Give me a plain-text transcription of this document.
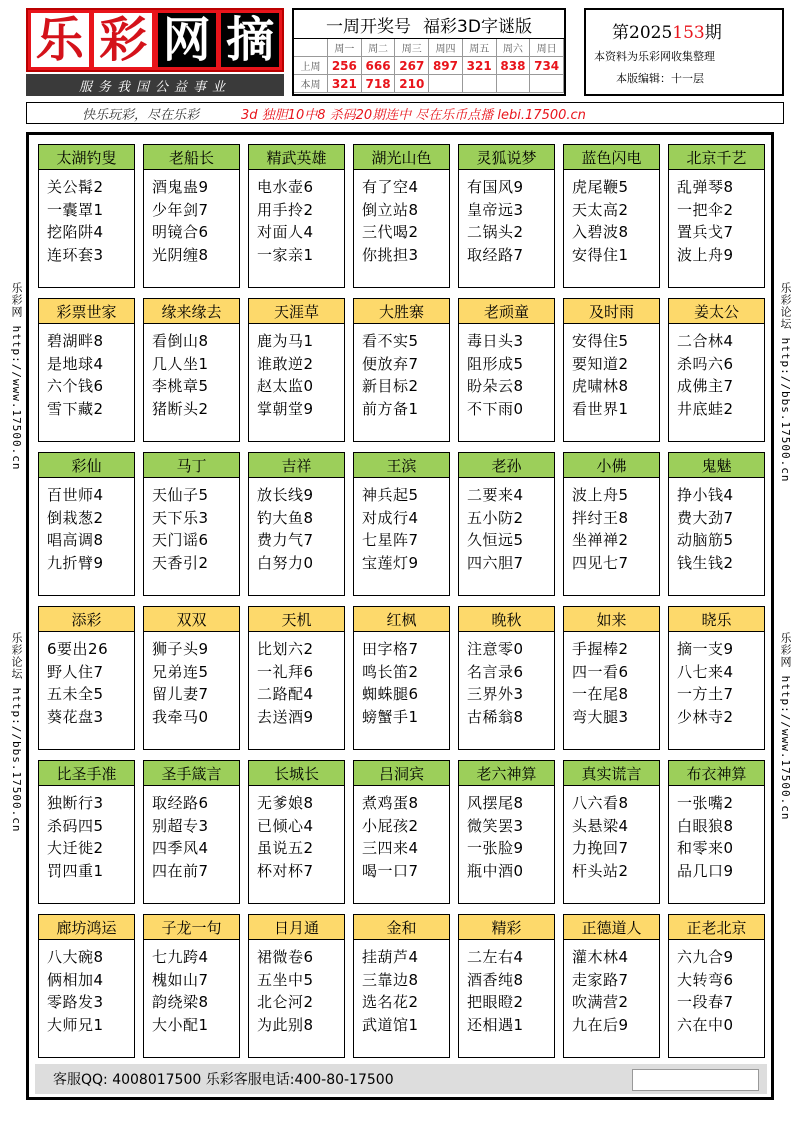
乐 彩 网 摘
服务我国公益事业
一周开奖号 福彩3D字谜版
周一	周二	周三	周四	周五	周六	周日
上周 256 666 267 897 321 838 734
本周 321 718 210
第2025153期
本资料为乐彩网收集整理
本版编辑：十一层
快乐玩彩，尽在乐彩	3d 独胆10中8 杀码20期连中 尽在乐币点播 lebi.17500.cn
乐彩网 http://www.17500.cn
乐彩论坛 http://bbs.17500.cn
乐彩论坛 http://bbs.17500.cn
乐彩网 http://www.17500.cn
太湖钓叟
关公髯2
一囊罩1
挖陷阱4
连环套3
老船长
酒鬼蛊9
少年剑7
明镜合6
光阴缠8
精武英雄
电水壶6
用手拎2
对面人4
一家亲1
湖光山色
有了空4
倒立站8
三代喝2
你挑担3
灵狐说梦
有国风9
皇帝远3
二锅头2
取经路7
蓝色闪电
虎尾鞭5
天太高2
入碧波8
安得住1
北京千艺
乱弹琴8
一把伞2
置兵戈7
波上舟9
彩票世家
碧湖畔8
是地球4
六个钱6
雪下藏2
缘来缘去
看倒山8
几人坐1
李桃章5
猪断头2
天涯草
鹿为马1
谁敢逆2
赵太监0
掌朝堂9
大胜寨
看不实5
便放弃7
新目标2
前方备1
老顽童
毒日头3
阻形成5
盼朵云8
不下雨0
及时雨
安得住5
要知道2
虎啸林8
看世界1
姜太公
二合林4
杀吗六6
成佛主7
井底蛙2
彩仙
百世师4
倒栽葱2
唱高调8
九折臂9
马丁
天仙子5
天下乐3
天门谣6
天香引2
吉祥
放长线9
钓大鱼8
费力气7
白努力0
王滨
神兵起5
对成行4
七星阵7
宝莲灯9
老孙
二要来4
五小防2
久恒远5
四六胆7
小佛
波上舟5
拌纣王8
坐禅禅2
四见七7
鬼魅
挣小钱4
费大劲7
动脑筋5
钱生钱2
添彩
6要出26
野人住7
五未全5
葵花盘3
双双
狮子头9
兄弟连5
留儿妻7
我牵马0
天机
比划六2
一礼拜6
二路配4
去送酒9
红枫
田字格7
鸣长笛2
蜘蛛腿6
螃蟹手1
晚秋
注意零0
名言录6
三界外3
古稀翁8
如来
手握棒2
四一看6
一在尾8
弯大腿3
晓乐
摘一支9
八七来4
一方土7
少林寺2
比圣手准
独断行3
杀码四5
大迁徙2
罚四重1
圣手箴言
取经路6
别超专3
四季风4
四在前7
长城长
无爹娘8
已倾心4
虽说五2
杯对杯7
吕洞宾
煮鸡蛋8
小屁孩2
三四来4
喝一口7
老六神算
风摆尾8
微笑罢3
一张脸9
瓶中酒0
真实谎言
八六看8
头悬梁4
力挽回7
杆头站2
布衣神算
一张嘴2
白眼狼8
和零来0
品几口9
廊坊鸿运
八大碗8
俩相加4
零路发3
大师兄1
子龙一句
七九跨4
槐如山7
韵绕梁8
大小配1
日月通
裙微卷6
五坐中5
北仑河2
为此别8
金和
挂葫芦4
三靠边8
选名花2
武道馆1
精彩
二左右4
酒香纯8
把眼瞪2
还相遇1
正德道人
灌木林4
走家路7
吹满营2
九在后9
正老北京
六九合9
大转弯6
一段春7
六在中0
客服QQ: 4008017500 乐彩客服电话:400-80-17500
